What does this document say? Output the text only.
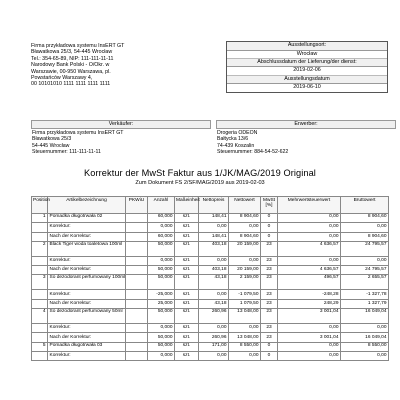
Firma przykładowa systemu InsERT GT
Bławatkowa 25/3, 54-445 Wrocław
Tel.: 354-65-89, NIP: 111-111-11-11
Narodowy Bank Polski - O/Okr. w
Warszawie, 00-950 Warszawa, pl.
Powstańców Warszawy 4,
00 10101010 1111 1111 1111 1111
Ausstellungsort:
Wrocław
Abschlussdatum der Lieferung/der dienst:
2019-02-06
Ausstellungsdatum
2019-06-10
Verkäufer:
Firma przykładowa systemu InsERT GT
Bławatkowa 25/3
54-445 Wrocław
Steuernummer: 111-111-11-11
Erwerber:
Drogeria ODEON
Bałtycka 13/6
74-439 Koszalin
Steuernummer: 884-54-52-622
Korrektur der MwSt Faktur aus 1/JK/MAG/2019 Original
Zum Dokument FS 2/SF/MAG/2019 aus 2019-02-03
Position	Artikelbezeichnung	PKWiU	Anzahl	Maßeinheit	Nettopreis	Nettowert	MwSt [%]	Mehrwertsteuerwert	Bruttowert
1	Pomadka długotrwała 02		60,000	szt.	148,41	8 904,60	0	0,00	8 904,60
	Korrektur:		0,000	szt.	0,00	0,00	0	0,00	0,00
	Nach der Korrektur:		60,000	szt.	148,41	8 904,60	0	0,00	8 904,60
2	Black Tiger woda toaletowa 100ml		50,000	szt.	403,18	20 159,00	23	4 636,57	24 795,57
	Korrektur:		0,000	szt.	0,00	0,00	23	0,00	0,00
	Nach der Korrektur:		50,000	szt.	403,18	20 159,00	23	4 636,57	24 795,57
3	So dezodorant perfumowany 100ml		50,000	szt.	43,18	2 159,00	23	496,57	2 655,57
	Korrektur:		-25,000	szt.	0,00	-1 079,50	23	-248,28	-1 327,78
	Nach der Korrektur:		25,000	szt.	43,18	1 079,50	23	248,29	1 327,79
4	So dezodorant perfumowany 50ml		50,000	szt.	260,96	13 048,00	23	3 001,04	16 049,04
	Korrektur:		0,000	szt.	0,00	0,00	23	0,00	0,00
	Nach der Korrektur:		50,000	szt.	260,96	13 048,00	23	3 001,04	16 049,04
5	Pomadka długotrwała 03		50,000	szt.	171,00	8 550,00	0	0,00	8 550,00
	Korrektur:		0,000	szt.	0,00	0,00	0	0,00	0,00
